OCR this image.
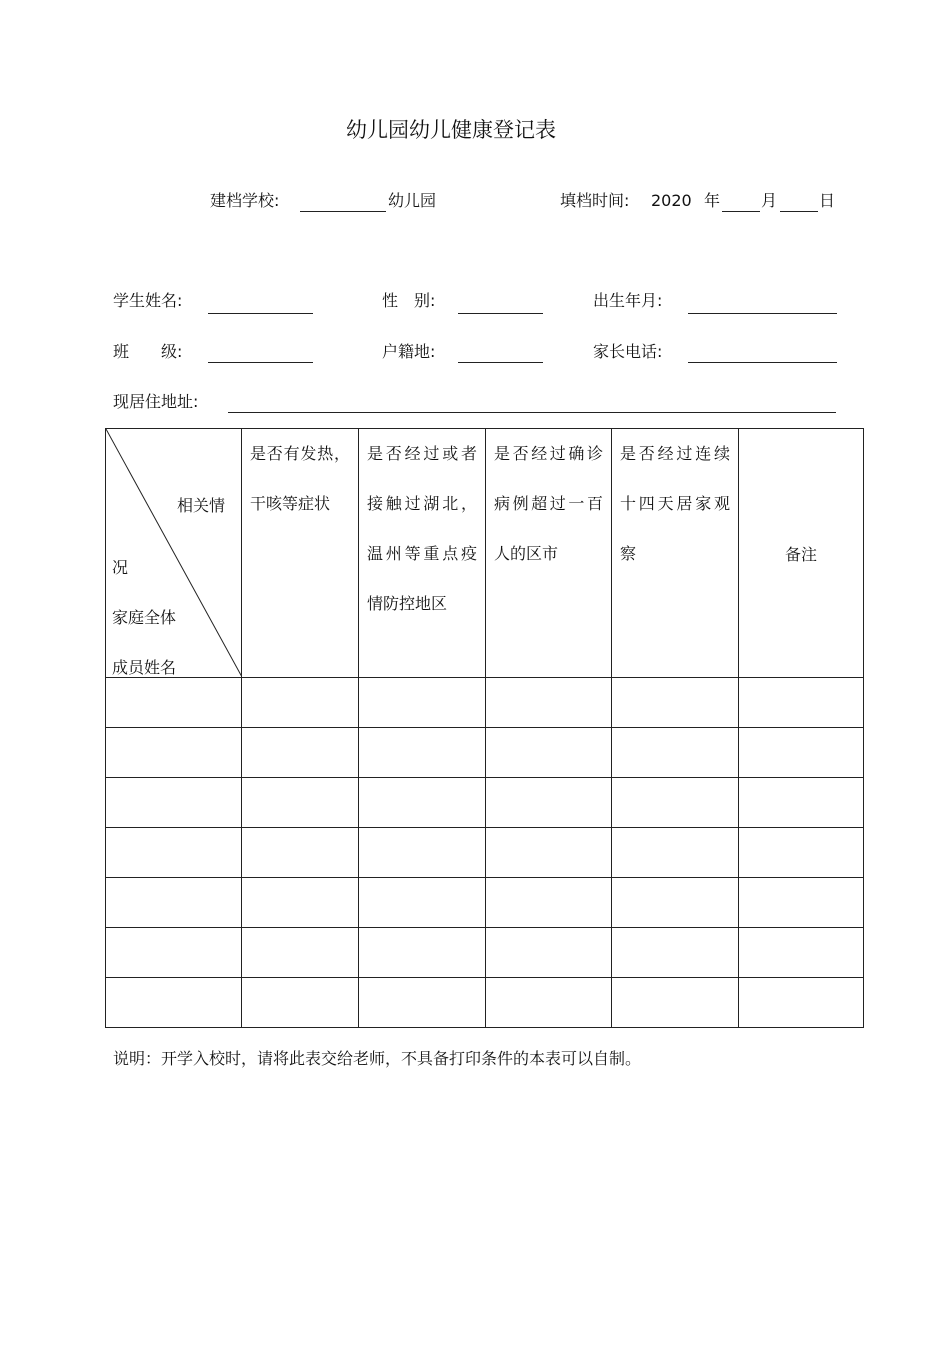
幼儿园幼儿健康登记表
建档学校:	幼儿园	填档时间: 2020 年	月	日
学生姓名:	性　别:	出生年月:
班　　级:	户籍地:	家长电话:
现居住地址:
相关情
况
家庭全体
成员姓名	是否有发热，干咳等症状	是否经过或者接触过湖北，温州等重点疫情防控地区	是否经过确诊病例超过一百人的区市	是否经过连续十四天居家观察	备注

说明：开学入校时，请将此表交给老师，不具备打印条件的本表可以自制。
